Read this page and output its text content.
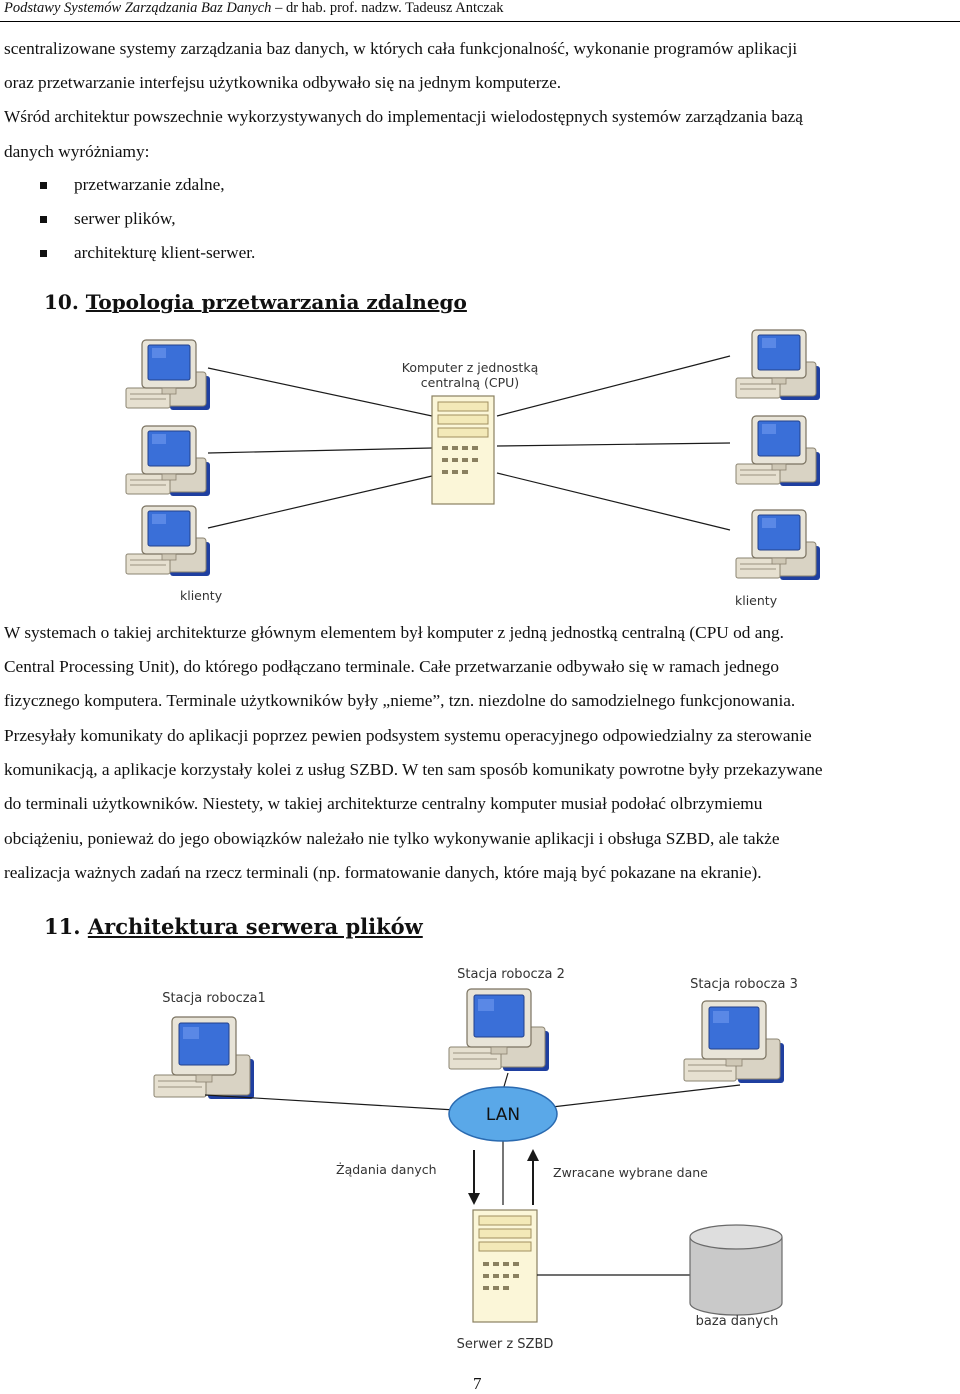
Podstawy Systemów Zarządzania Baz Danych – dr hab. prof. nadzw. Tadeusz Antczak
scentralizowane systemy zarządzania baz danych, w których cała funkcjonalność, wykonanie programów aplikacji
oraz przetwarzanie interfejsu użytkownika odbywało się na jednym komputerze.
Wśród architektur powszechnie wykorzystywanych do implementacji wielodostępnych systemów zarządzania bazą
danych wyróżniamy:
przetwarzanie zdalne,
serwer plików,
architekturę klient-serwer.
10. Topologia przetwarzania zdalnego
Komputer z jednostką
centralną (CPU)
klienty	klienty
W systemach o takiej architekturze głównym elementem był komputer z jedną jednostką centralną (CPU od ang.
Central Processing Unit), do którego podłączano terminale. Całe przetwarzanie odbywało się w ramach jednego
fizycznego komputera. Terminale użytkowników były „nieme”, tzn. niezdolne do samodzielnego funkcjonowania.
Przesyłały komunikaty do aplikacji poprzez pewien podsystem systemu operacyjnego odpowiedzialny za sterowanie
komunikacją, a aplikacje korzystały kolei z usług SZBD. W ten sam sposób komunikaty powrotne były przekazywane
do terminali użytkowników. Niestety, w takiej architekturze centralny komputer musiał podołać olbrzymiemu
obciążeniu, ponieważ do jego obowiązków należało nie tylko wykonywanie aplikacji i obsługa SZBD, ale także
realizacja ważnych zadań na rzecz terminali (np. formatowanie danych, które mają być pokazane na ekranie).
11. Architektura serwera plików
Stacja robocza1
Stacja robocza 2
Stacja robocza 3
LAN
Żądania danych	Zwracane wybrane dane
Serwer z SZBD
baza danych
7
